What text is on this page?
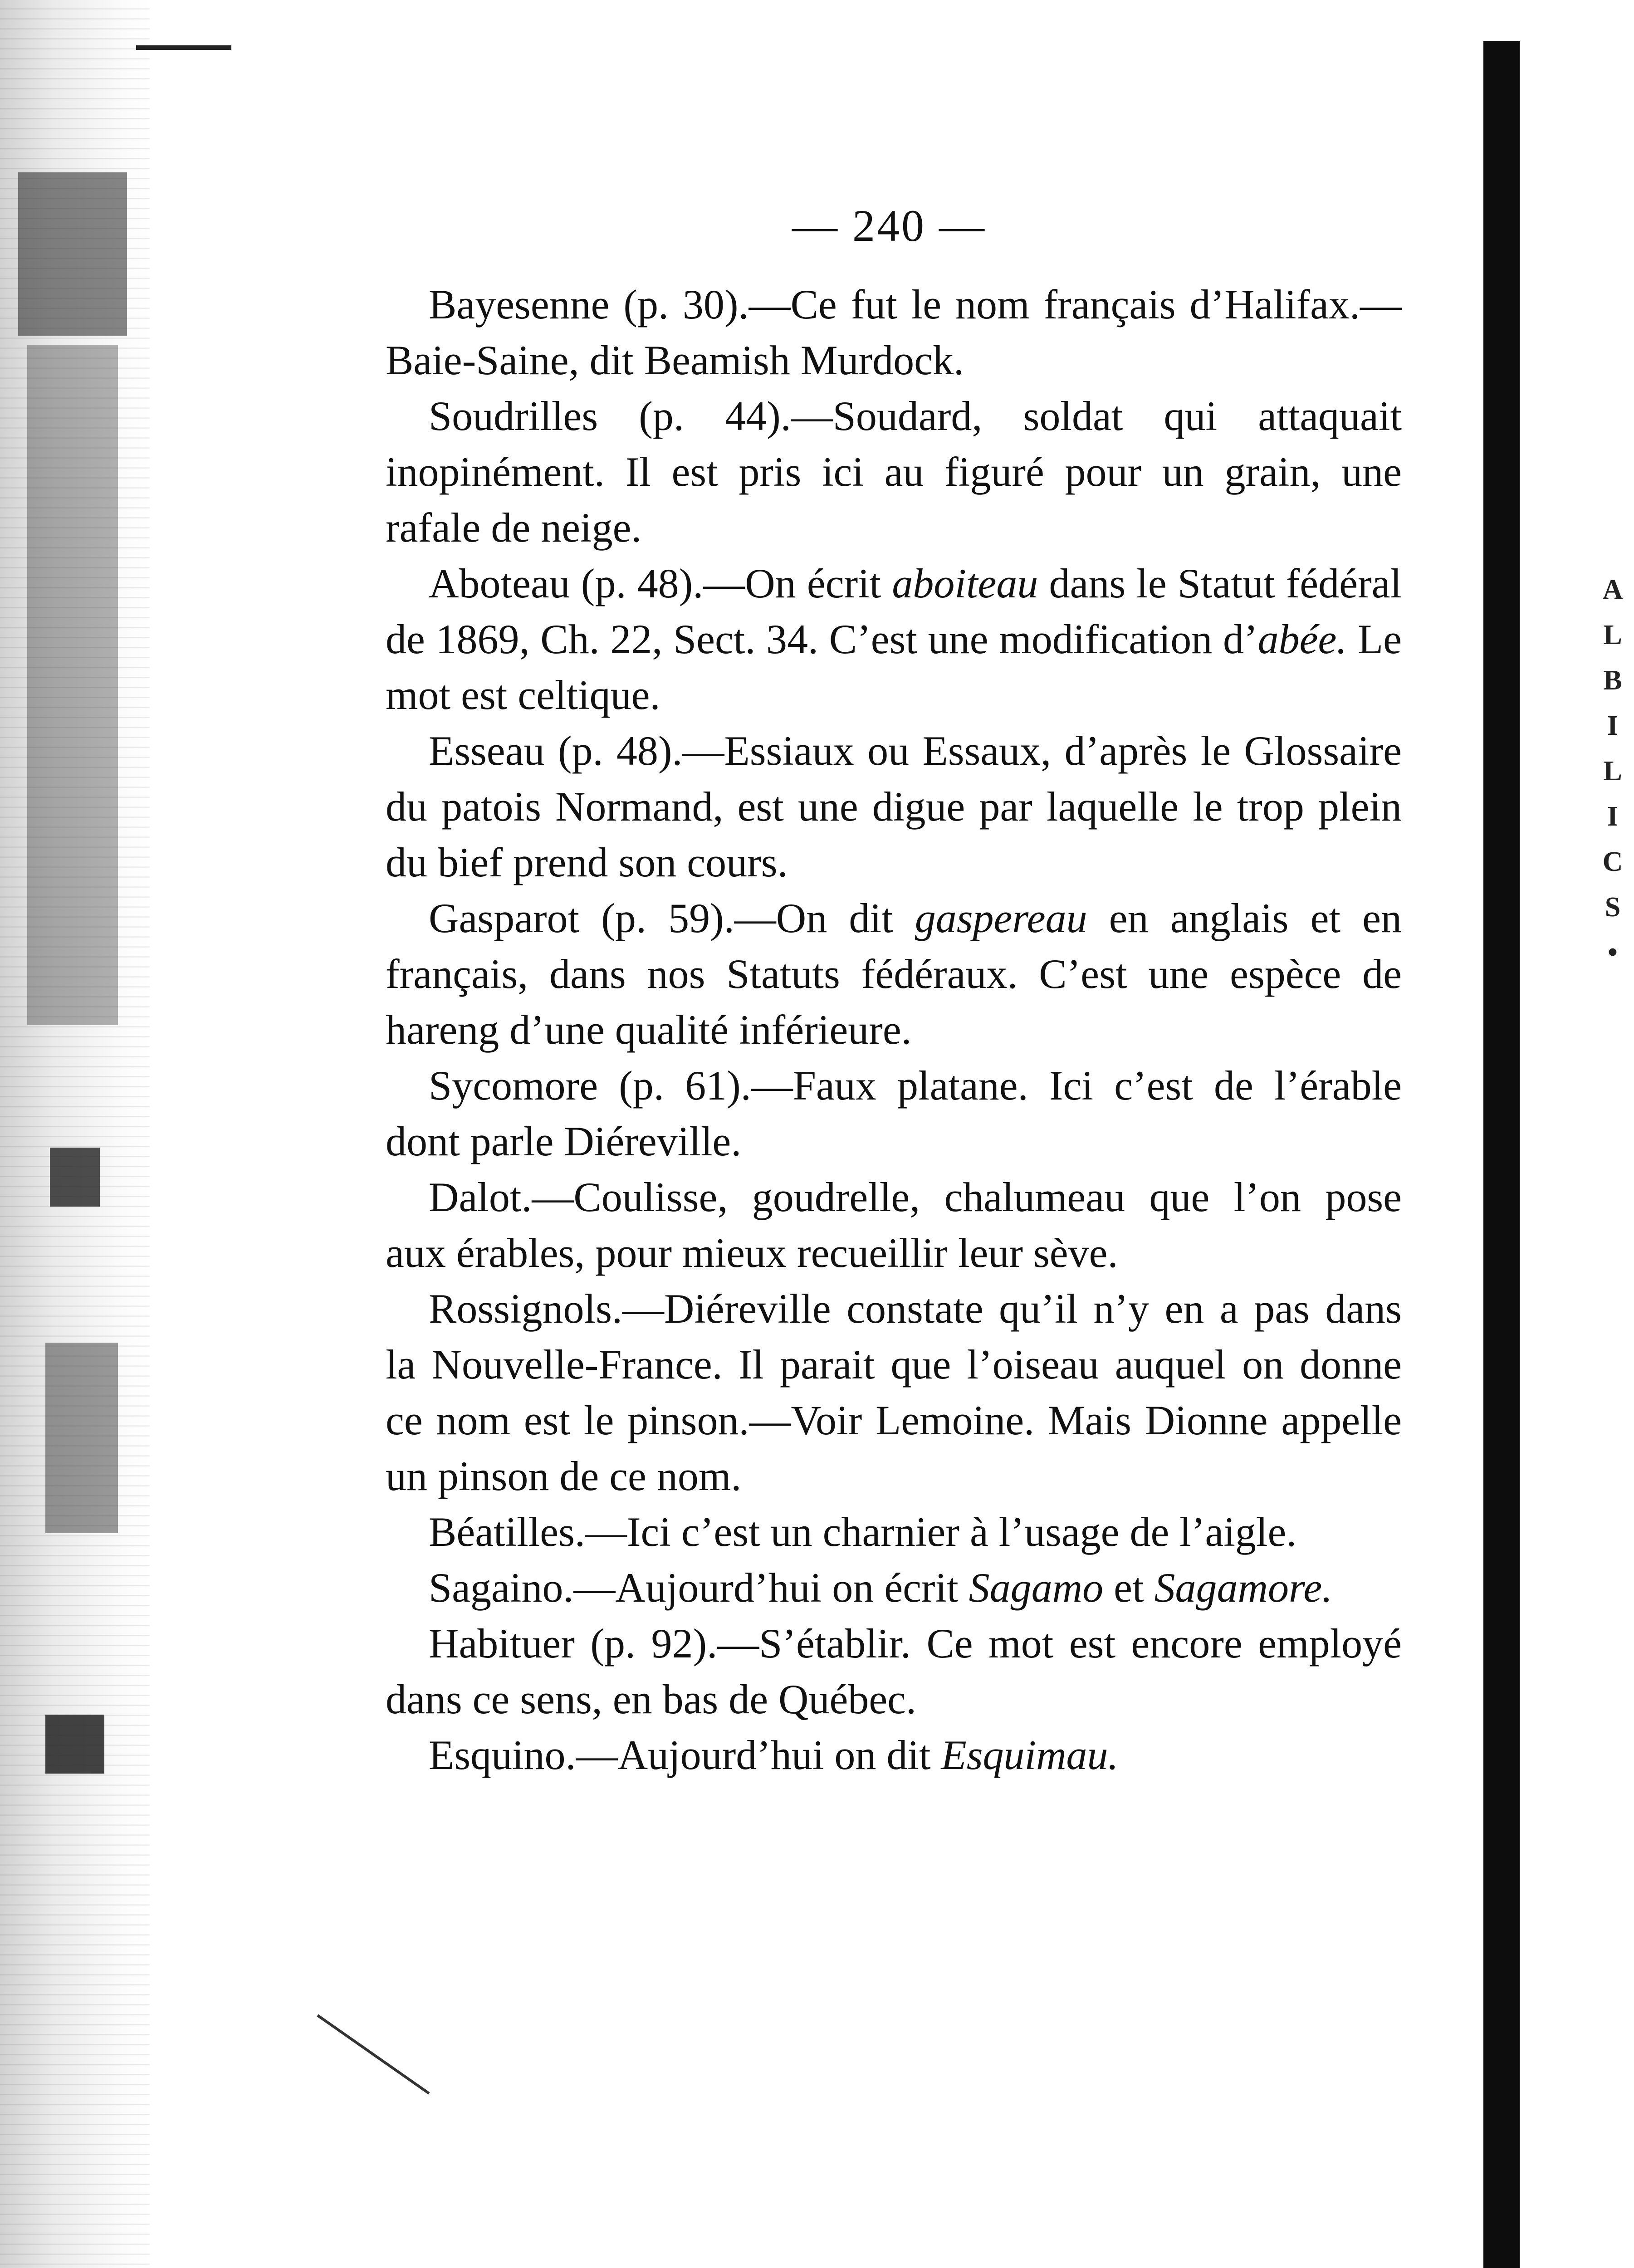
A
L
B
I
L
I
C
S
•
— 240 —

Bayesenne (p. 30).—Ce fut le nom français d’Halifax.—Baie-Saine, dit Beamish Murdock.

Soudrilles (p. 44).—Soudard, soldat qui attaquait inopinément. Il est pris ici au figuré pour un grain, une rafale de neige.

Aboteau (p. 48).—On écrit aboiteau dans le Statut fédéral de 1869, Ch. 22, Sect. 34. C’est une modification d’abée. Le mot est celtique.

Esseau (p. 48).—Essiaux ou Essaux, d’après le Glossaire du patois Normand, est une digue par laquelle le trop plein du bief prend son cours.

Gasparot (p. 59).—On dit gaspereau en anglais et en français, dans nos Statuts fédéraux. C’est une espèce de hareng d’une qualité inférieure.

Sycomore (p. 61).—Faux platane. Ici c’est de l’érable dont parle Diéreville.

Dalot.—Coulisse, goudrelle, chalumeau que l’on pose aux érables, pour mieux recueillir leur sève.

Rossignols.—Diéreville constate qu’il n’y en a pas dans la Nouvelle-France. Il parait que l’oiseau auquel on donne ce nom est le pinson.—Voir Lemoine. Mais Dionne appelle un pinson de ce nom.

Béatilles.—Ici c’est un charnier à l’usage de l’aigle.

Sagaino.—Aujourd’hui on écrit Sagamo et Sagamore.

Habituer (p. 92).—S’établir. Ce mot est encore employé dans ce sens, en bas de Québec.

Esquino.—Aujourd’hui on dit Esquimau.
